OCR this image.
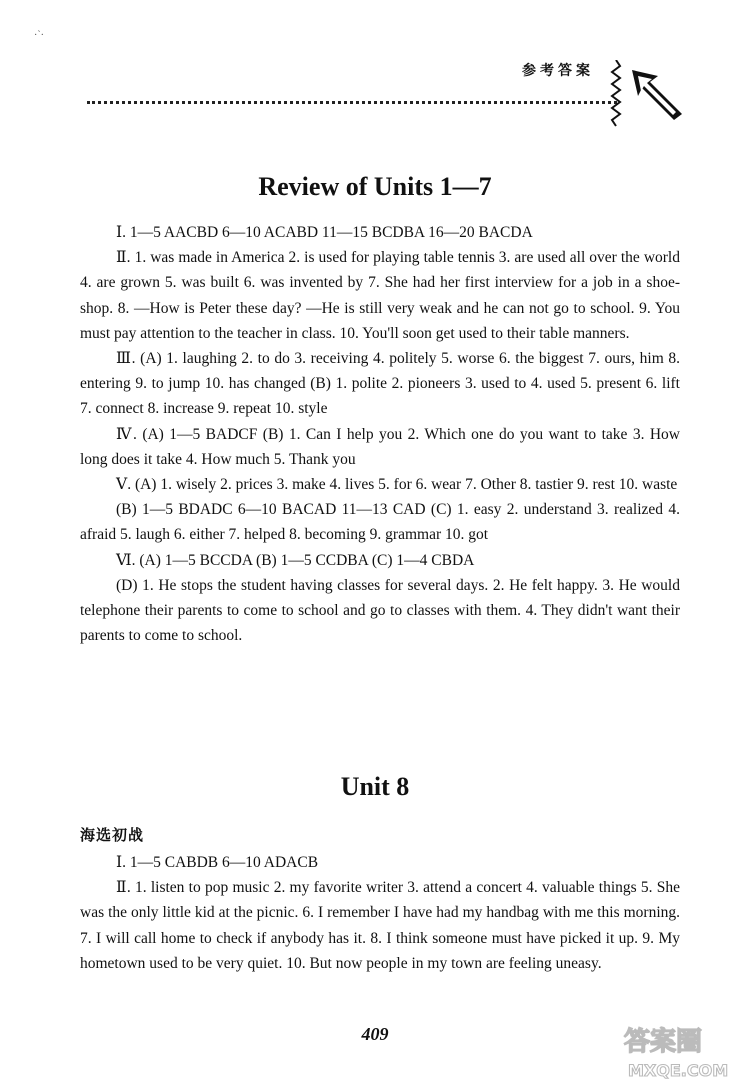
·`·
参考答案
Review of Units 1—7

Ⅰ. 1—5 AACBD 6—10 ACABD 11—15 BCDBA 16—20 BACDA

Ⅱ. 1. was made in America 2. is used for playing table tennis 3. are used all over the world 4. are grown 5. was built 6. was invented by 7. She had her first interview for a job in a shoe-shop. 8. —How is Peter these day? —He is still very weak and he can not go to school. 9. You must pay attention to the teacher in class. 10. You'll soon get used to their table manners.

Ⅲ. (A) 1. laughing 2. to do 3. receiving 4. politely 5. worse 6. the biggest 7. ours, him 8. entering 9. to jump 10. has changed (B) 1. polite 2. pioneers 3. used to 4. used 5. present 6. lift 7. connect 8. increase 9. repeat 10. style

Ⅳ. (A) 1—5 BADCF (B) 1. Can I help you 2. Which one do you want to take 3. How long does it take 4. How much 5. Thank you

Ⅴ. (A) 1. wisely 2. prices 3. make 4. lives 5. for 6. wear 7. Other 8. tastier 9. rest 10. waste

(B) 1—5 BDADC 6—10 BACAD 11—13 CAD (C) 1. easy 2. understand 3. realized 4. afraid 5. laugh 6. either 7. helped 8. becoming 9. grammar 10. got

Ⅵ. (A) 1—5 BCCDA (B) 1—5 CCDBA (C) 1—4 CBDA

(D) 1. He stops the student having classes for several days. 2. He felt happy. 3. He would telephone their parents to come to school and go to classes with them. 4. They didn't want their parents to come to school.

Unit 8
海选初战

Ⅰ. 1—5 CABDB 6—10 ADACB

Ⅱ. 1. listen to pop music 2. my favorite writer 3. attend a concert 4. valuable things 5. She was the only little kid at the picnic. 6. I remember I have had my handbag with me this morning. 7. I will call home to check if anybody has it. 8. I think someone must have picked it up. 9. My hometown used to be very quiet. 10. But now people in my town are feeling uneasy.

409	答案圈
MXQE.COM
